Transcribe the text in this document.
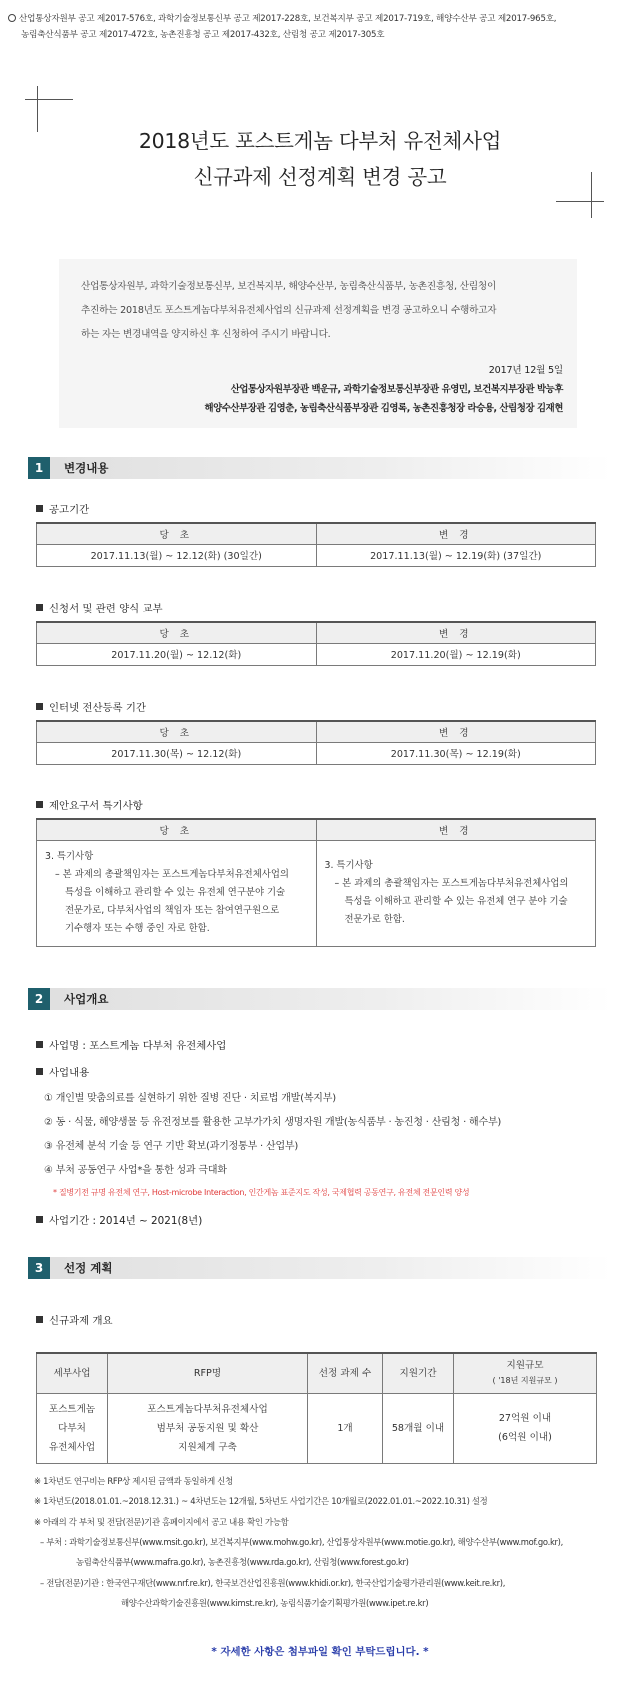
산업통상자원부 공고 제2017-576호, 과학기술정보통신부 공고 제2017-228호, 보건복지부 공고 제2017-719호, 해양수산부 공고 제2017-965호,
농림축산식품부 공고 제2017-472호, 농촌진흥청 공고 제2017-432호, 산림청 공고 제2017-305호
2018년도 포스트게놈 다부처 유전체사업
신규과제 선정계획 변경 공고

산업통상자원부, 과학기술정보통신부, 보건복지부, 해양수산부, 농림축산식품부, 농촌진흥청, 산림청이

추진하는 2018년도 포스트게놈다부처유전체사업의 신규과제 선정계획을 변경 공고하오니 수행하고자

하는 자는 변경내역을 양지하신 후 신청하여 주시기 바랍니다.

2017년 12월 5일

산업통상자원부장관 백운규, 과학기술정보통신부장관 유영민, 보건복지부장관 박능후

해양수산부장관 김영춘, 농림축산식품부장관 김영록, 농촌진흥청장 라승용, 산림청장 김재현

1	변경내용
공고기간
당 초	변 경
2017.11.13(월) ~ 12.12(화) (30일간)	2017.11.13(월) ~ 12.19(화) (37일간)
신청서 및 관련 양식 교부
당 초	변 경
2017.11.20(월) ~ 12.12(화)	2017.11.20(월) ~ 12.19(화)
인터넷 전산등록 기간
당 초	변 경
2017.11.30(목) ~ 12.12(화)	2017.11.30(목) ~ 12.19(화)
제안요구서 특기사항
당 초	변 경

3. 특기사항
– 본 과제의 총괄책임자는 포스트게놈다부처유전체사업의
특성을 이해하고 관리할 수 있는 유전체 연구분야 기술
전문가로, 다부처사업의 책임자 또는 참여연구원으로
기수행자 또는 수행 중인 자로 한함.	3. 특기사항
– 본 과제의 총괄책임자는 포스트게놈다부처유전체사업의
특성을 이해하고 관리할 수 있는 유전체 연구 분야 기술
전문가로 한함.
2	사업개요
사업명 : 포스트게놈 다부처 유전체사업
사업내용
① 개인별 맞춤의료를 실현하기 위한 질병 진단 · 치료법 개발(복지부)
② 동 · 식물, 해양생물 등 유전정보를 활용한 고부가가치 생명자원 개발(농식품부 · 농진청 · 산림청 · 해수부)
③ 유전체 분석 기술 등 연구 기반 확보(과기정통부 · 산업부)
④ 부처 공동연구 사업*을 통한 성과 극대화
* 질병기전 규명 유전체 연구, Host-microbe Interaction, 인간게놈 표준지도 작성, 국제협력 공동연구, 유전체 전문인력 양성
사업기간 : 2014년 ~ 2021(8년)
3	선정 계획
신규과제 개요
세부사업	RFP명	선정 과제 수	지원기간	지원규모
( '18년 지원규모 )

포스트게놈
다부처
유전체사업	포스트게놈다부처유전체사업
범부처 공동지원 및 확산
지원체계 구축	1개	58개월 이내	27억원 이내
(6억원 이내)
※ 1차년도 연구비는 RFP상 제시된 금액과 동일하게 신청
※ 1차년도(2018.01.01.~2018.12.31.) ~ 4차년도는 12개월, 5차년도 사업기간은 10개월로(2022.01.01.~2022.10.31) 설정
※ 아래의 각 부처 및 전담(전문)기관 홈페이지에서 공고 내용 확인 가능함
– 부처 : 과학기술정보통신부(www.msit.go.kr), 보건복지부(www.mohw.go.kr), 산업통상자원부(www.motie.go.kr), 해양수산부(www.mof.go.kr),
농림축산식품부(www.mafra.go.kr), 농촌진흥청(www.rda.go.kr), 산림청(www.forest.go.kr)
– 전담(전문)기관 : 한국연구재단(www.nrf.re.kr), 한국보건산업진흥원(www.khidi.or.kr), 한국산업기술평가관리원(www.keit.re.kr),
해양수산과학기술진흥원(www.kimst.re.kr), 농림식품기술기획평가원(www.ipet.re.kr)
* 자세한 사항은 첨부파일 확인 부탁드립니다. *
